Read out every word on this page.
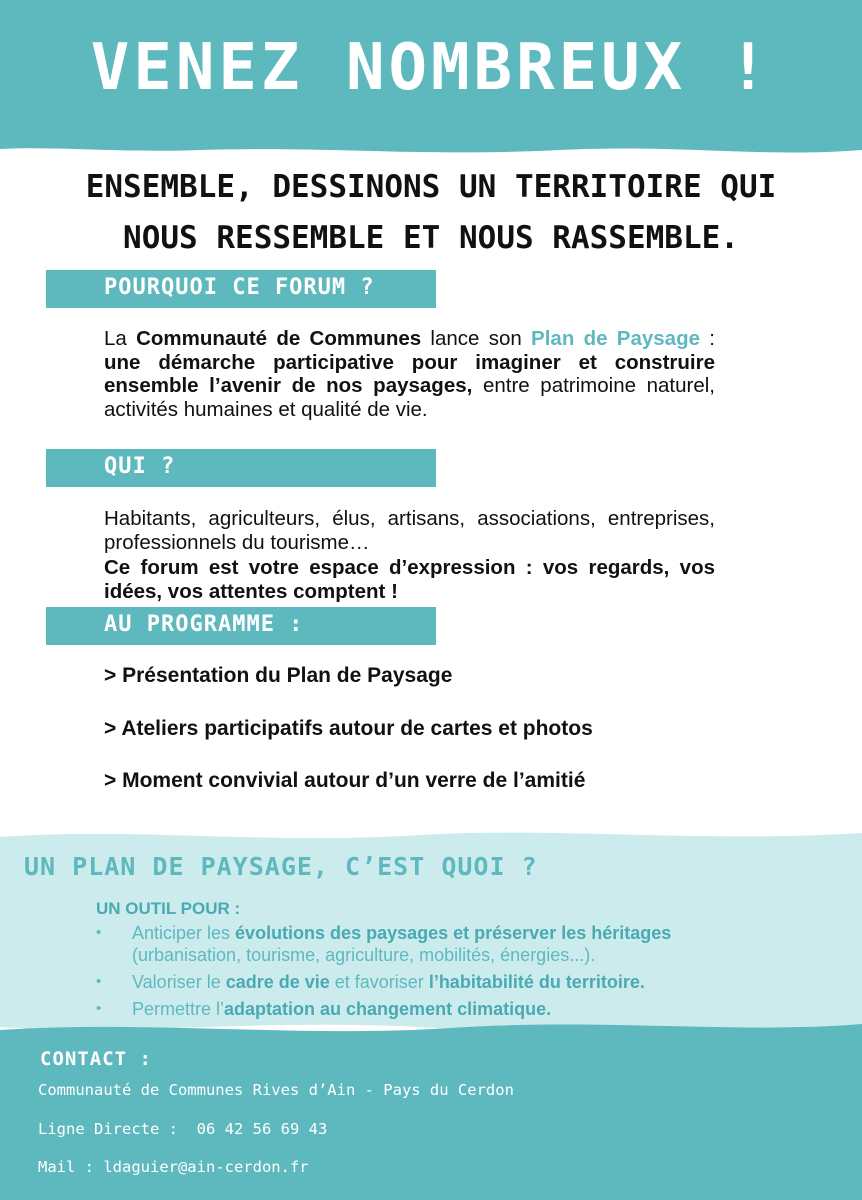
VENEZ NOMBREUX !
ENSEMBLE, DESSINONS UN TERRITOIRE QUI
NOUS RESSEMBLE ET NOUS RASSEMBLE.
POURQUOI CE FORUM ?

La Communauté de Communes lance son Plan de Paysage : une démarche participative pour imaginer et construire ensemble l’avenir de nos paysages, entre patrimoine naturel, activités humaines et qualité de vie.

QUI ?

Habitants, agriculteurs, élus, artisans, associations, entreprises, professionnels du tourisme…

Ce forum est votre espace d’expression : vos regards, vos idées, vos attentes comptent !

AU PROGRAMME :

> Présentation du Plan de Paysage

> Ateliers participatifs autour de cartes et photos

> Moment convivial autour d’un verre de l’amitié

UN PLAN DE PAYSAGE, C’EST QUOI ?

UN OUTIL POUR :

• Anticiper les évolutions des paysages et préserver les héritages (urbanisation, tourisme, agriculture, mobilités, énergies...).
• Valoriser le cadre de vie et favoriser l’habitabilité du territoire.
• Permettre l’adaptation au changement climatique.

CONTACT :

Communauté de Communes Rives d’Ain - Pays du Cerdon

Ligne Directe :  06 42 56 69 43

Mail : ldaguier@ain-cerdon.fr
